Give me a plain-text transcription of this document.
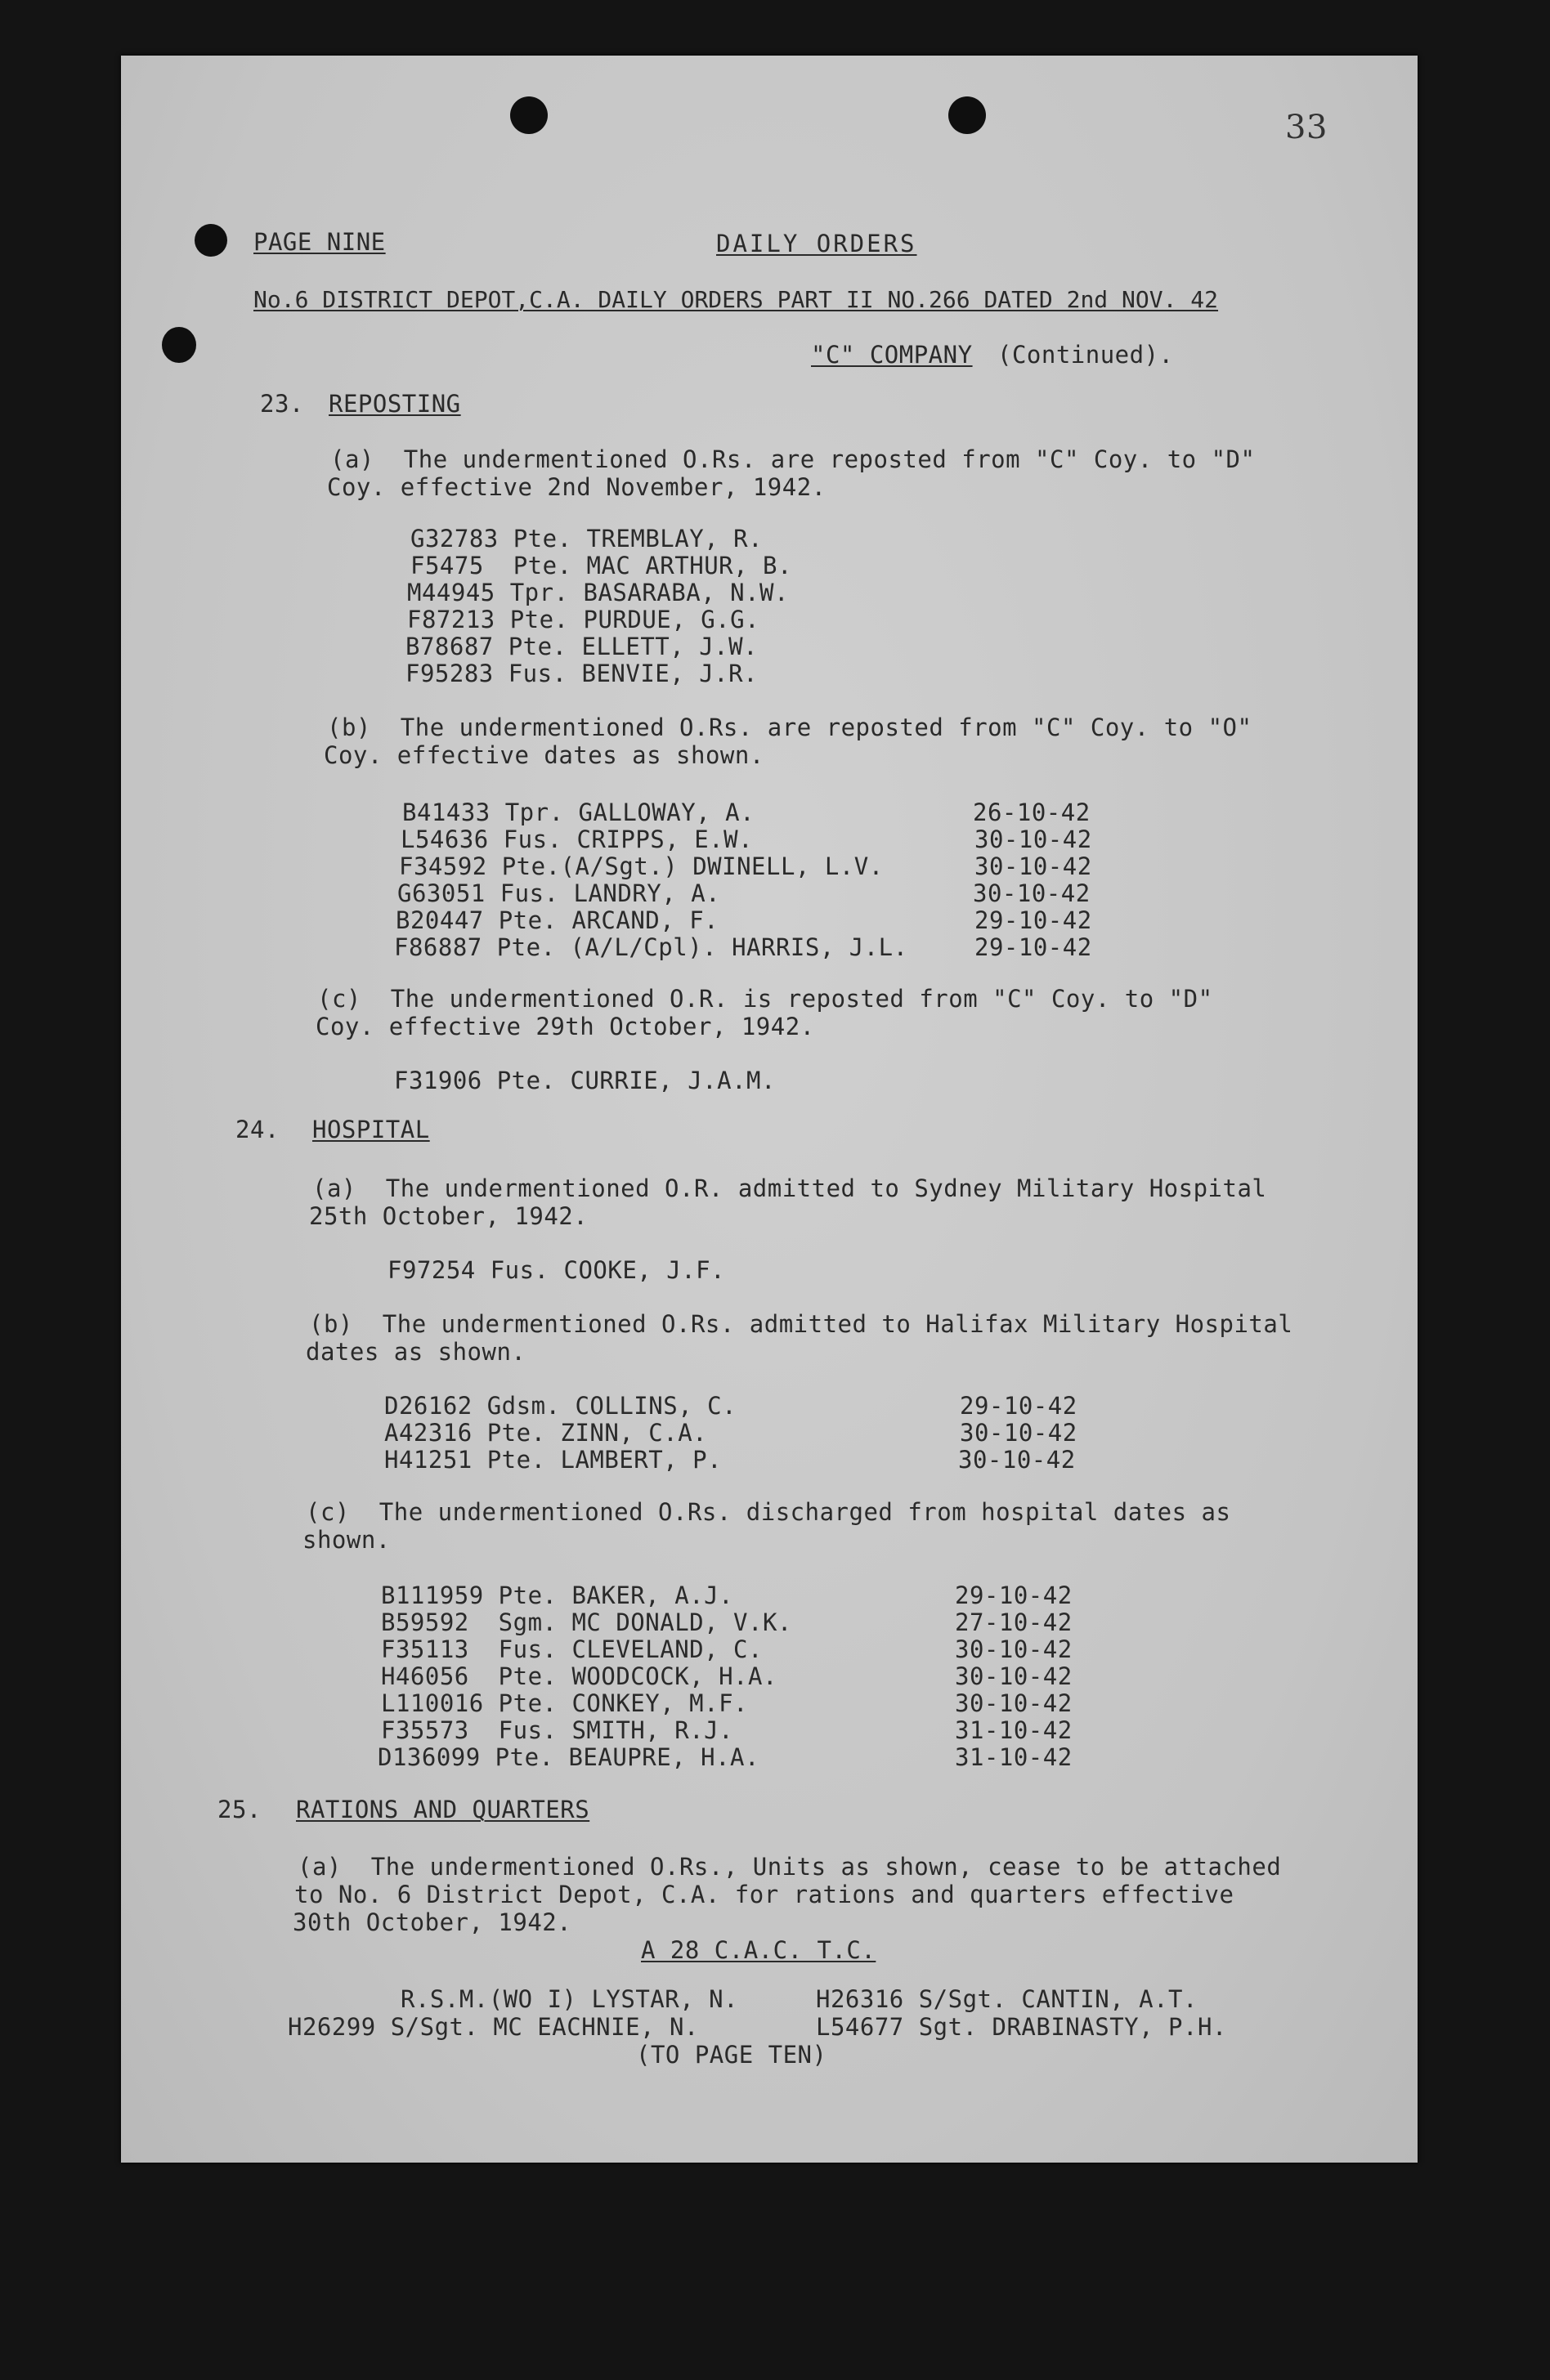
33
PAGE NINE	DAILY ORDERS
No.6 DISTRICT DEPOT,C.A. DAILY ORDERS PART II NO.266 DATED 2nd NOV. 42
"C" COMPANY (Continued).
23. REPOSTING
(a)  The undermentioned O.Rs. are reposted from "C" Coy. to "D"
Coy. effective 2nd November, 1942.
G32783 Pte. TREMBLAY, R.
F5475  Pte. MAC ARTHUR, B.
M44945 Tpr. BASARABA, N.W.
F87213 Pte. PURDUE, G.G.
B78687 Pte. ELLETT, J.W.
F95283 Fus. BENVIE, J.R.
(b)  The undermentioned O.Rs. are reposted from "C" Coy. to "O"
Coy. effective dates as shown.
B41433 Tpr. GALLOWAY, A.	26-10-42
L54636 Fus. CRIPPS, E.W.	30-10-42
F34592 Pte.(A/Sgt.) DWINELL, L.V.	30-10-42
G63051 Fus. LANDRY, A.	30-10-42
B20447 Pte. ARCAND, F.	29-10-42
F86887 Pte. (A/L/Cpl). HARRIS, J.L.	29-10-42
(c)  The undermentioned O.R. is reposted from "C" Coy. to "D"
Coy. effective 29th October, 1942.
F31906 Pte. CURRIE, J.A.M.
24. HOSPITAL
(a)  The undermentioned O.R. admitted to Sydney Military Hospital
25th October, 1942.
F97254 Fus. COOKE, J.F.
(b)  The undermentioned O.Rs. admitted to Halifax Military Hospital
dates as shown.
D26162 Gdsm. COLLINS, C.	29-10-42
A42316 Pte. ZINN, C.A.	30-10-42
H41251 Pte. LAMBERT, P.	30-10-42
(c)  The undermentioned O.Rs. discharged from hospital dates as
shown.
B111959 Pte. BAKER, A.J.	29-10-42
B59592  Sgm. MC DONALD, V.K.	27-10-42
F35113  Fus. CLEVELAND, C.	30-10-42
H46056  Pte. WOODCOCK, H.A.	30-10-42
L110016 Pte. CONKEY, M.F.	30-10-42
F35573  Fus. SMITH, R.J.	31-10-42
D136099 Pte. BEAUPRE, H.A.	31-10-42
25. RATIONS AND QUARTERS
(a)  The undermentioned O.Rs., Units as shown, cease to be attached
to No. 6 District Depot, C.A. for rations and quarters effective
30th October, 1942.
A 28 C.A.C. T.C.
R.S.M.(WO I) LYSTAR, N.	H26316 S/Sgt. CANTIN, A.T.
H26299 S/Sgt. MC EACHNIE, N.	L54677 Sgt. DRABINASTY, P.H.
(TO PAGE TEN)
